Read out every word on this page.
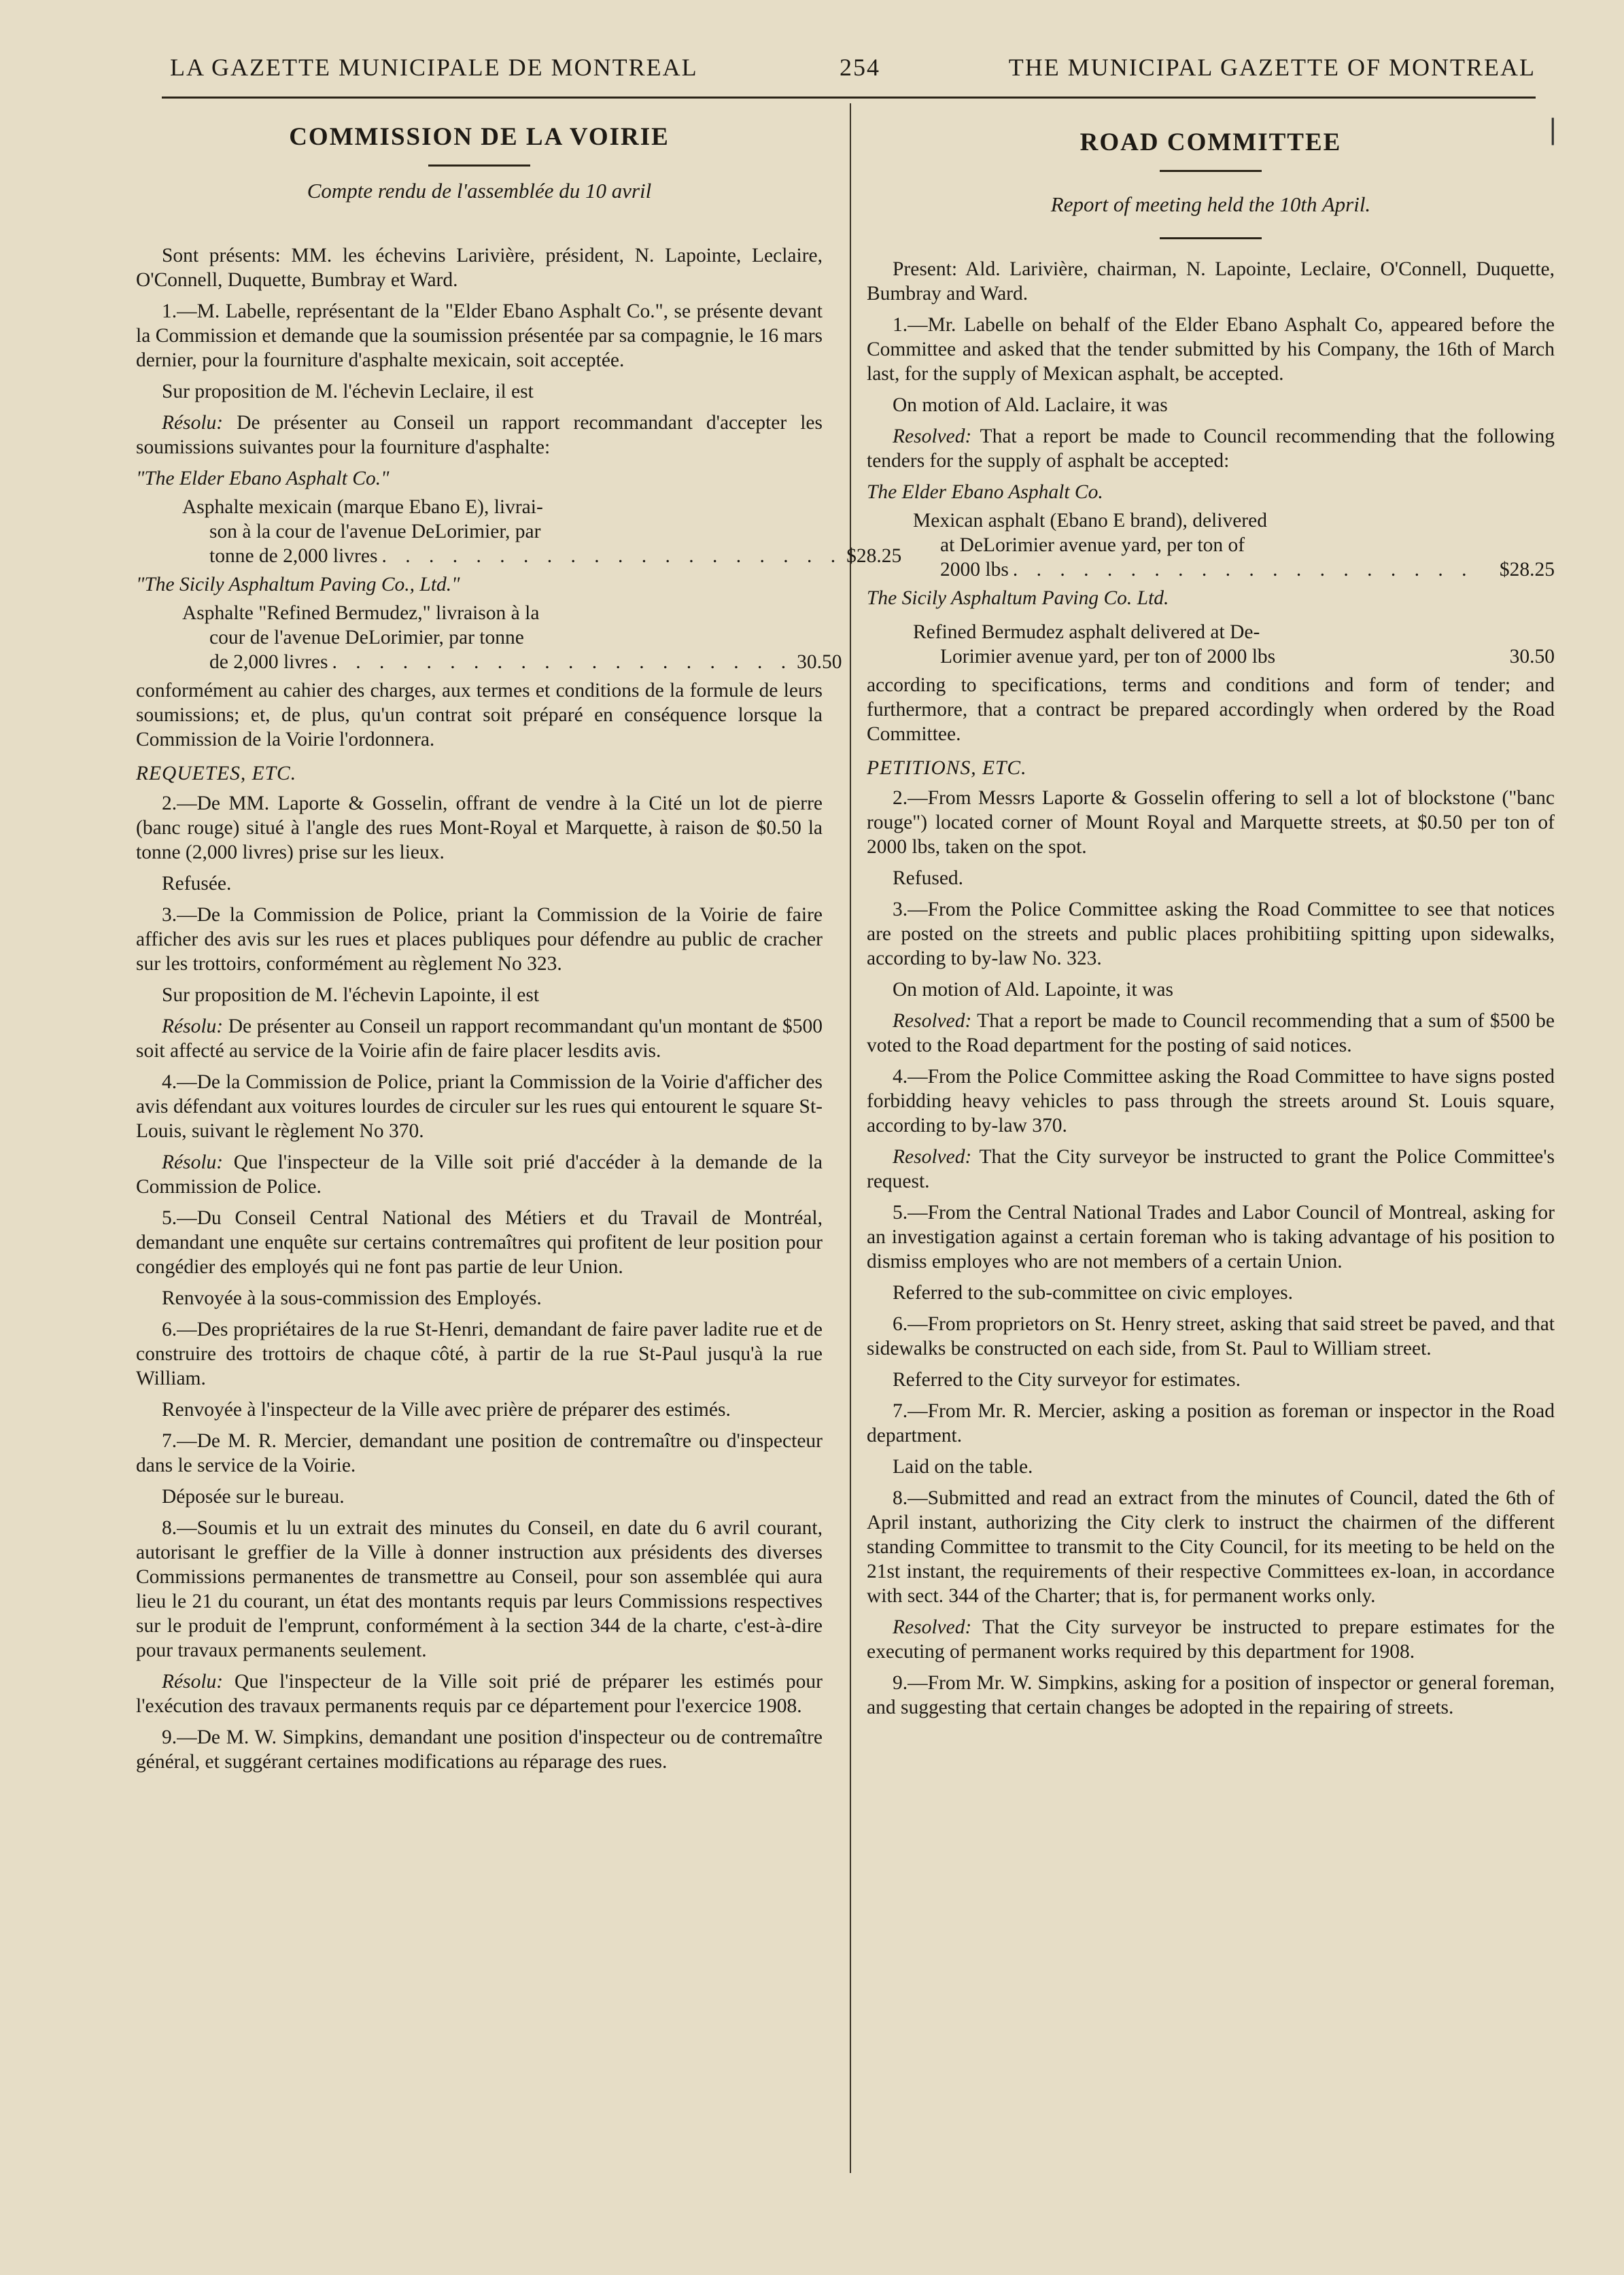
LA GAZETTE MUNICIPALE DE MONTREAL	254	THE MUNICIPAL GAZETTE OF MONTREAL
|
COMMISSION DE LA VOIRIE
Compte rendu de l'assemblée du 10 avril

Sont présents: MM. les échevins Larivière, président, N. Lapointe, Leclaire, O'Connell, Duquette, Bumbray et Ward.

1.—M. Labelle, représentant de la "Elder Ebano Asphalt Co.", se présente devant la Commission et demande que la soumission présentée par sa compagnie, le 16 mars dernier, pour la fourniture d'asphalte mexicain, soit acceptée.

Sur proposition de M. l'échevin Leclaire, il est

Résolu: De présenter au Conseil un rapport recommandant d'accepter les soumissions suivantes pour la fourniture d'asphalte:

"The Elder Ebano Asphalt Co."

Asphalte mexicain (marque Ebano E), livrai-
son à la cour de l'avenue DeLorimier, par
tonne de 2,000 livres . . . . . . . . . . . . . . . . . . . . $28.25

"The Sicily Asphaltum Paving Co., Ltd."

Asphalte "Refined Bermudez," livraison à la
cour de l'avenue DeLorimier, par tonne
de 2,000 livres . . . . . . . . . . . . . . . . . . . . 30.50

conformément au cahier des charges, aux termes et conditions de la formule de leurs soumissions; et, de plus, qu'un contrat soit préparé en conséquence lorsque la Commission de la Voirie l'ordonnera.

REQUETES, ETC.

2.—De MM. Laporte & Gosselin, offrant de vendre à la Cité un lot de pierre (banc rouge) situé à l'angle des rues Mont-Royal et Marquette, à raison de $0.50 la tonne (2,000 livres) prise sur les lieux.

Refusée.

3.—De la Commission de Police, priant la Commission de la Voirie de faire afficher des avis sur les rues et places publiques pour défendre au public de cracher sur les trottoirs, conformément au règlement No 323.

Sur proposition de M. l'échevin Lapointe, il est

Résolu: De présenter au Conseil un rapport recommandant qu'un montant de $500 soit affecté au service de la Voirie afin de faire placer lesdits avis.

4.—De la Commission de Police, priant la Commission de la Voirie d'afficher des avis défendant aux voitures lourdes de circuler sur les rues qui entourent le square St-Louis, suivant le règlement No 370.

Résolu: Que l'inspecteur de la Ville soit prié d'accéder à la demande de la Commission de Police.

5.—Du Conseil Central National des Métiers et du Travail de Montréal, demandant une enquête sur certains contremaîtres qui profitent de leur position pour congédier des employés qui ne font pas partie de leur Union.

Renvoyée à la sous-commission des Employés.

6.—Des propriétaires de la rue St-Henri, demandant de faire paver ladite rue et de construire des trottoirs de chaque côté, à partir de la rue St-Paul jusqu'à la rue William.

Renvoyée à l'inspecteur de la Ville avec prière de préparer des estimés.

7.—De M. R. Mercier, demandant une position de contremaître ou d'inspecteur dans le service de la Voirie.

Déposée sur le bureau.

8.—Soumis et lu un extrait des minutes du Conseil, en date du 6 avril courant, autorisant le greffier de la Ville à donner instruction aux présidents des diverses Commissions permanentes de transmettre au Conseil, pour son assemblée qui aura lieu le 21 du courant, un état des montants requis par leurs Commissions respectives sur le produit de l'emprunt, conformément à la section 344 de la charte, c'est-à-dire pour travaux permanents seulement.

Résolu: Que l'inspecteur de la Ville soit prié de préparer les estimés pour l'exécution des travaux permanents requis par ce département pour l'exercice 1908.

9.—De M. W. Simpkins, demandant une position d'inspecteur ou de contremaître général, et suggérant certaines modifications au réparage des rues.

ROAD COMMITTEE
Report of meeting held the 10th April.

Present: Ald. Larivière, chairman, N. Lapointe, Leclaire, O'Connell, Duquette, Bumbray and Ward.

1.—Mr. Labelle on behalf of the Elder Ebano Asphalt Co, appeared before the Committee and asked that the tender submitted by his Company, the 16th of March last, for the supply of Mexican asphalt, be accepted.

On motion of Ald. Laclaire, it was

Resolved: That a report be made to Council recommending that the following tenders for the supply of asphalt be accepted:

The Elder Ebano Asphalt Co.

Mexican asphalt (Ebano E brand), delivered
at DeLorimier avenue yard, per ton of
2000 lbs . . . . . . . . . . . . . . . . . . . .	$28.25

The Sicily Asphaltum Paving Co. Ltd.

Refined Bermudez asphalt delivered at De-
Lorimier avenue yard, per ton of 2000 lbs	30.50

according to specifications, terms and conditions and form of tender; and furthermore, that a contract be prepared accordingly when ordered by the Road Committee.

PETITIONS, ETC.

2.—From Messrs Laporte & Gosselin offering to sell a lot of blockstone ("banc rouge") located corner of Mount Royal and Marquette streets, at $0.50 per ton of 2000 lbs, taken on the spot.

Refused.

3.—From the Police Committee asking the Road Committee to see that notices are posted on the streets and public places prohibitiing spitting upon sidewalks, according to by-law No. 323.

On motion of Ald. Lapointe, it was

Resolved: That a report be made to Council recommending that a sum of $500 be voted to the Road department for the posting of said notices.

4.—From the Police Committee asking the Road Committee to have signs posted forbidding heavy vehicles to pass through the streets around St. Louis square, according to by-law 370.

Resolved: That the City surveyor be instructed to grant the Police Committee's request.

5.—From the Central National Trades and Labor Council of Montreal, asking for an investigation against a certain foreman who is taking advantage of his position to dismiss employes who are not members of a certain Union.

Referred to the sub-committee on civic employes.

6.—From proprietors on St. Henry street, asking that said street be paved, and that sidewalks be constructed on each side, from St. Paul to William street.

Referred to the City surveyor for estimates.

7.—From Mr. R. Mercier, asking a position as foreman or inspector in the Road department.

Laid on the table.

8.—Submitted and read an extract from the minutes of Council, dated the 6th of April instant, authorizing the City clerk to instruct the chairmen of the different standing Committee to transmit to the City Council, for its meeting to be held on the 21st instant, the requirements of their respective Committees ex-loan, in accordance with sect. 344 of the Charter; that is, for permanent works only.

Resolved: That the City surveyor be instructed to prepare estimates for the executing of permanent works required by this department for 1908.

9.—From Mr. W. Simpkins, asking for a position of inspector or general foreman, and suggesting that certain changes be adopted in the repairing of streets.
